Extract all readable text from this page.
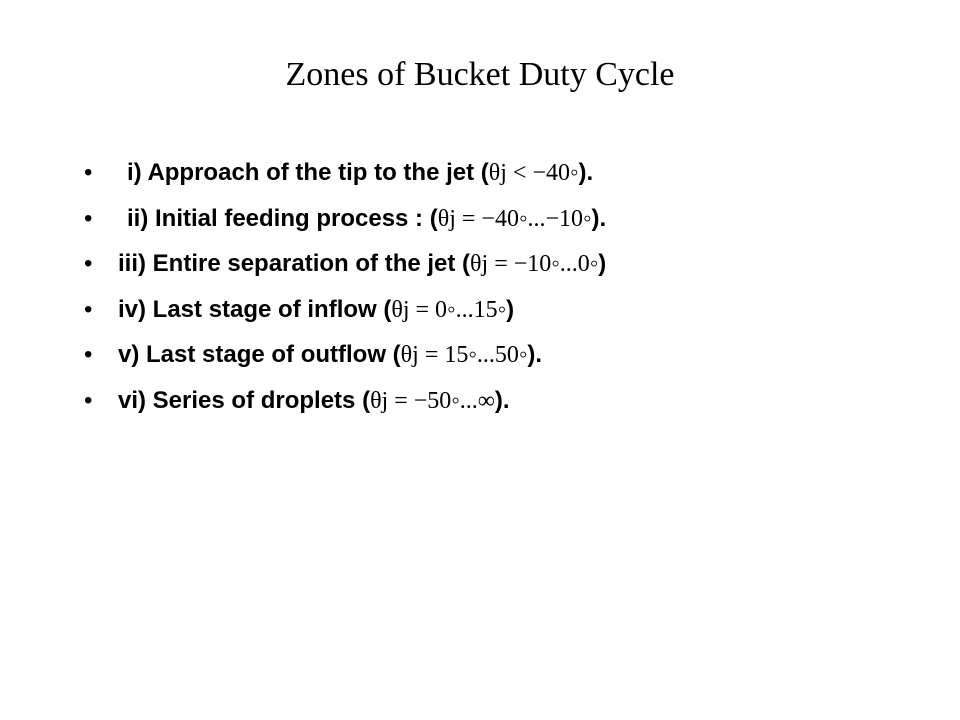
Zones of Bucket Duty Cycle
• i) Approach of the tip to the jet (θj < −40◦).
• ii) Initial feeding process : (θj = −40◦...−10◦).
• iii) Entire separation of the jet (θj = −10◦...0◦)
• iv) Last stage of inflow (θj = 0◦...15◦)
• v) Last stage of outflow (θj = 15◦...50◦).
• vi) Series of droplets (θj = −50◦...∞).
